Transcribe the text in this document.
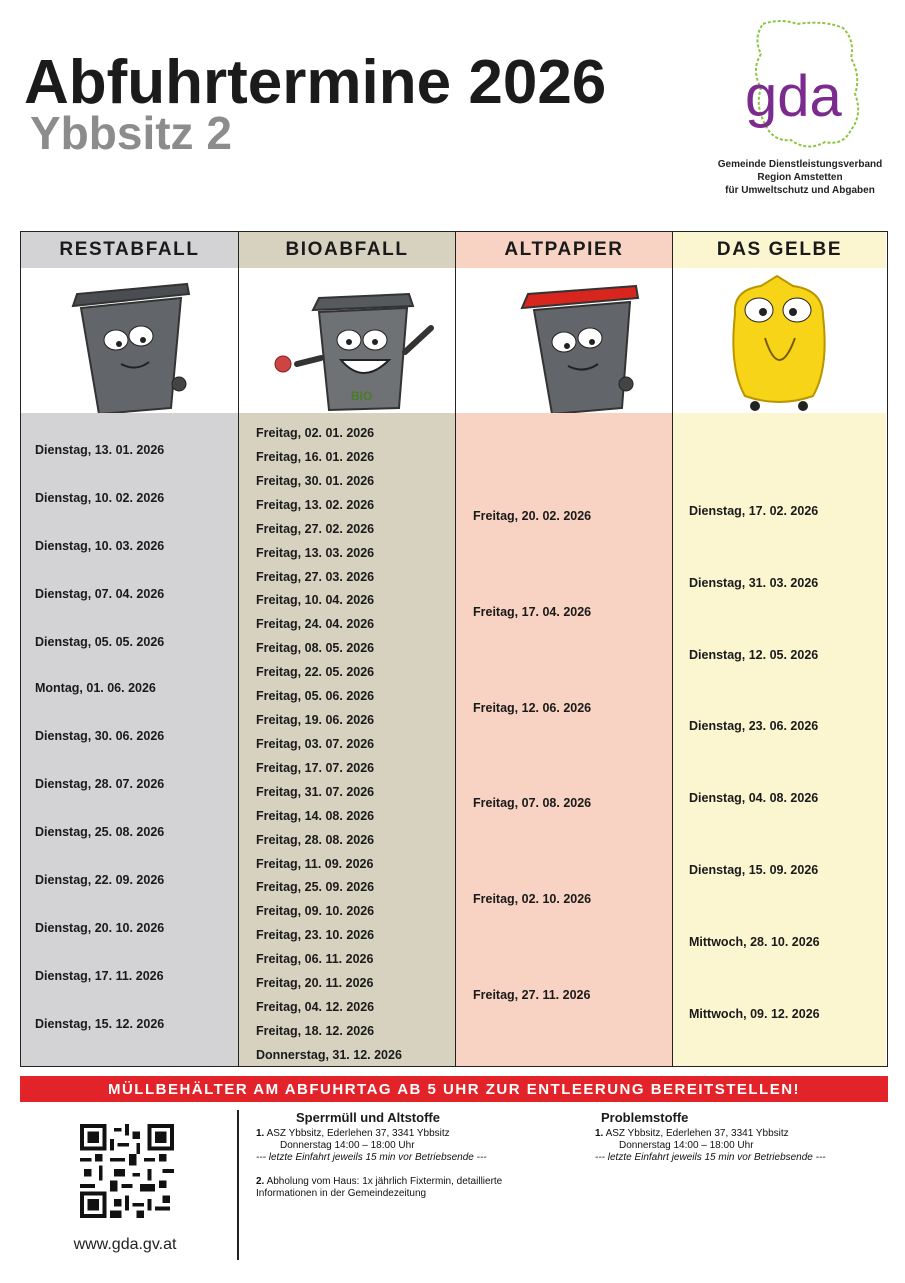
Abfuhrtermine 2026
Ybbsitz 2
gda
Gemeinde Dienstleistungsverband
Region Amstetten
für Umweltschutz und Abgaben
RESTABFALL
Dienstag, 13. 01. 2026
Dienstag, 10. 02. 2026
Dienstag, 10. 03. 2026
Dienstag, 07. 04. 2026
Dienstag, 05. 05. 2026
Montag, 01. 06. 2026
Dienstag, 30. 06. 2026
Dienstag, 28. 07. 2026
Dienstag, 25. 08. 2026
Dienstag, 22. 09. 2026
Dienstag, 20. 10. 2026
Dienstag, 17. 11. 2026
Dienstag, 15. 12. 2026
BIOABFALL
BIO
Freitag, 02. 01. 2026
Freitag, 16. 01. 2026
Freitag, 30. 01. 2026
Freitag, 13. 02. 2026
Freitag, 27. 02. 2026
Freitag, 13. 03. 2026
Freitag, 27. 03. 2026
Freitag, 10. 04. 2026
Freitag, 24. 04. 2026
Freitag, 08. 05. 2026
Freitag, 22. 05. 2026
Freitag, 05. 06. 2026
Freitag, 19. 06. 2026
Freitag, 03. 07. 2026
Freitag, 17. 07. 2026
Freitag, 31. 07. 2026
Freitag, 14. 08. 2026
Freitag, 28. 08. 2026
Freitag, 11. 09. 2026
Freitag, 25. 09. 2026
Freitag, 09. 10. 2026
Freitag, 23. 10. 2026
Freitag, 06. 11. 2026
Freitag, 20. 11. 2026
Freitag, 04. 12. 2026
Freitag, 18. 12. 2026
Donnerstag, 31. 12. 2026
ALTPAPIER
Freitag, 20. 02. 2026
Freitag, 17. 04. 2026
Freitag, 12. 06. 2026
Freitag, 07. 08. 2026
Freitag, 02. 10. 2026
Freitag, 27. 11. 2026
DAS GELBE
Dienstag, 17. 02. 2026
Dienstag, 31. 03. 2026
Dienstag, 12. 05. 2026
Dienstag, 23. 06. 2026
Dienstag, 04. 08. 2026
Dienstag, 15. 09. 2026
Mittwoch, 28. 10. 2026
Mittwoch, 09. 12. 2026
MÜLLBEHÄLTER AM ABFUHRTAG AB 5 UHR ZUR ENTLEERUNG BEREITSTELLEN!
www.gda.gv.at
Sperrmüll und Altstoffe
1. ASZ Ybbsitz, Ederlehen 37, 3341 Ybbsitz
Donnerstag 14:00 – 18:00 Uhr
--- letzte Einfahrt jeweils 15 min vor Betriebsende ---
2. Abholung vom Haus: 1x jährlich Fixtermin, detaillierte
Informationen in der Gemeindezeitung
Problemstoffe
1. ASZ Ybbsitz, Ederlehen 37, 3341 Ybbsitz
Donnerstag 14:00 – 18:00 Uhr
--- letzte Einfahrt jeweils 15 min vor Betriebsende ---
